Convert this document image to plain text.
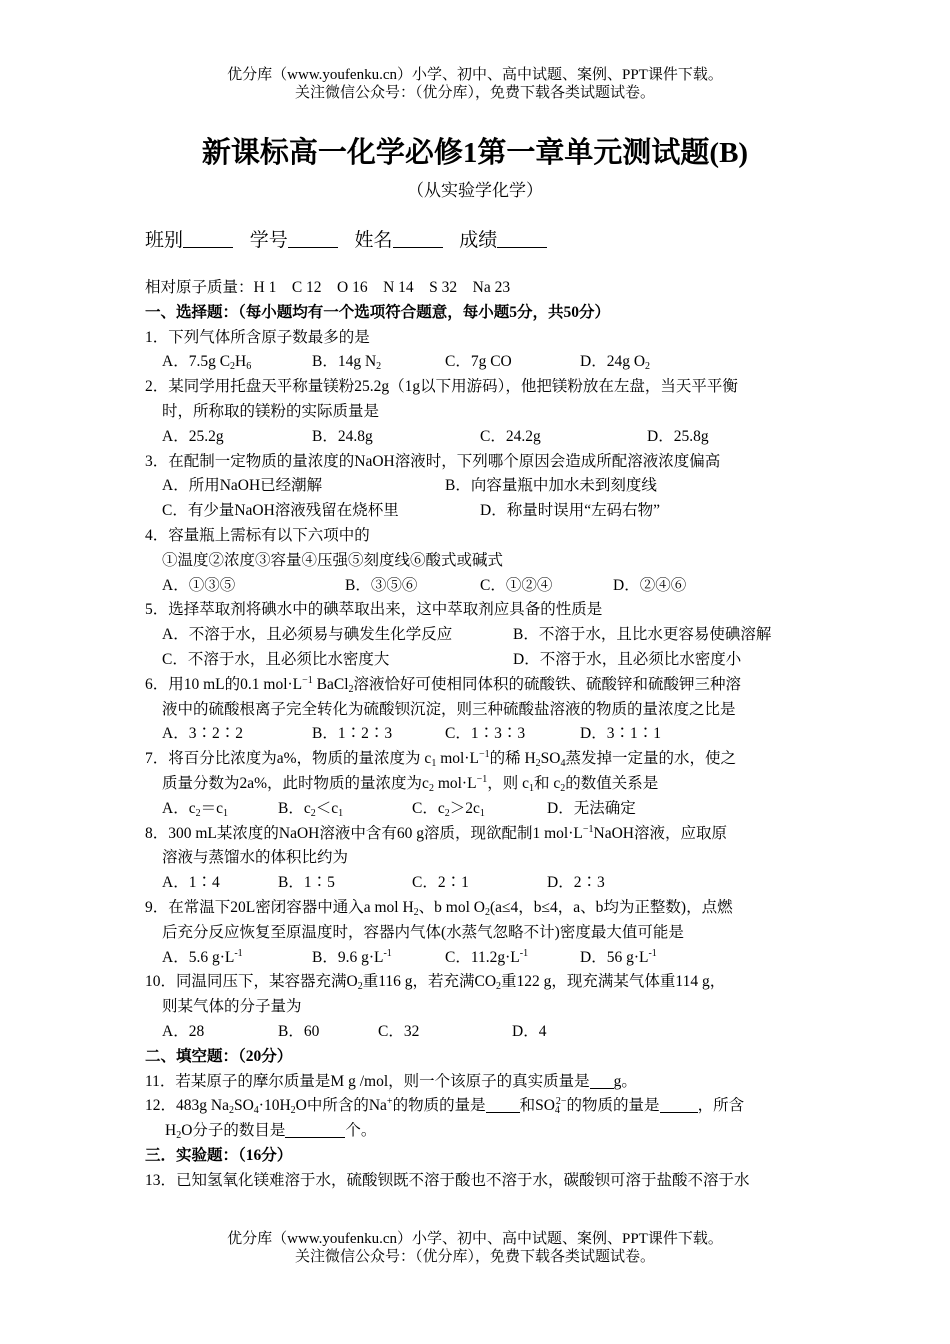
优分库（www.youfenku.cn）小学、初中、高中试题、案例、PPT课件下载。
关注微信公众号：（优分库），免费下载各类试题试卷。
新课标高一化学必修1第一章单元测试题(B)
（从实验学化学）
班别	学号	姓名	成绩
相对原子质量：H 1　C 12　O 16　N 14　S 32　Na 23
一、选择题：（每小题均有一个选项符合题意，每小题5分，共50分）
1．下列气体所含原子数最多的是
A．7.5g $C_2H_6$	B．14g $N_2$	C．7g CO	D．24g $O_2$
2．某同学用托盘天平称量镁粉25.2g（1g以下用游码），他把镁粉放在左盘，当天平平衡
时，所称取的镁粉的实际质量是
A．25.2g	B．24.8g	C．24.2g	D．25.8g
3．在配制一定物质的量浓度的NaOH溶液时，下列哪个原因会造成所配溶液浓度偏高
A．所用NaOH已经潮解	B．向容量瓶中加水未到刻度线
C．有少量NaOH溶液残留在烧杯里	D．称量时误用“左码右物”
4．容量瓶上需标有以下六项中的
①温度②浓度③容量④压强⑤刻度线⑥酸式或碱式
A．①③⑤	B．③⑤⑥	C．①②④	D．②④⑥
5．选择萃取剂将碘水中的碘萃取出来，这中萃取剂应具备的性质是
A．不溶于水，且必须易与碘发生化学反应	B．不溶于水，且比水更容易使碘溶解
C．不溶于水，且必须比水密度大	D．不溶于水，且必须比水密度小
6．用10 mL的0.1 $mol\cdot L^{-1}$ BaCl$_2$溶液恰好可使相同体积的硫酸铁、硫酸锌和硫酸钾三种溶
液中的硫酸根离子完全转化为硫酸钡沉淀，则三种硫酸盐溶液的物质的量浓度之比是
A．3∶2∶2	B．1∶2∶3	C．1∶3∶3	D．3∶1∶1
7．将百分比浓度为a%，物质的量浓度为 $c_1$ $mol\cdot L^{-1}$的稀 $H_2SO_4$蒸发掉一定量的水，使之
质量分数为2a%，此时物质的量浓度为$c_2$ $mol\cdot L^{-1}$，则 $c_1$和 $c_2$的数值关系是
A．$c_2=c_1$	B．$c_2<c_1$	C．$c_2>2c_1$	D．无法确定
8．300 mL某浓度的NaOH溶液中含有60 g溶质，现欲配制1 $mol\cdot L^{-1}NaOH$溶液，应取原
溶液与蒸馏水的体积比约为
A．1∶4	B．1∶5	C．2∶1	D．2∶3
9．在常温下20L密闭容器中通入a mol $H_2$、b mol $O_2(a\le 4$，b≤4，a、b均为正整数)，点燃
后充分反应恢复至原温度时，容器内气体(水蒸气忽略不计)密度最大值可能是
A．5.6 $g\cdot L^{-1}$	B．9.6 $g\cdot L^{-1}$	C．$11.2g\cdot L^{-1}$	D．56 $g\cdot L^{-1}$
10．同温同压下，某容器充满$O_2$重116 g，若充满$CO_2$重122 g，现充满某气体重114 g，
则某气体的分子量为
A．28	B．60	C．32	D．4
二、填空题：（20分）
11．若某原子的摩尔质量是M g /mol，则一个该原子的真实质量是 g。
12．483g $Na_2SO_4\cdot 10H_2O$中所含的Na+的物质的量是 和$SO_4^{2-}$的物质的量是 ，所含
$H_2O$分子的数目是	个。
三．实验题：（16分）
13．已知氢氧化镁难溶于水，硫酸钡既不溶于酸也不溶于水，碳酸钡可溶于盐酸不溶于水
优分库（www.youfenku.cn）小学、初中、高中试题、案例、PPT课件下载。
关注微信公众号：（优分库），免费下载各类试题试卷。
